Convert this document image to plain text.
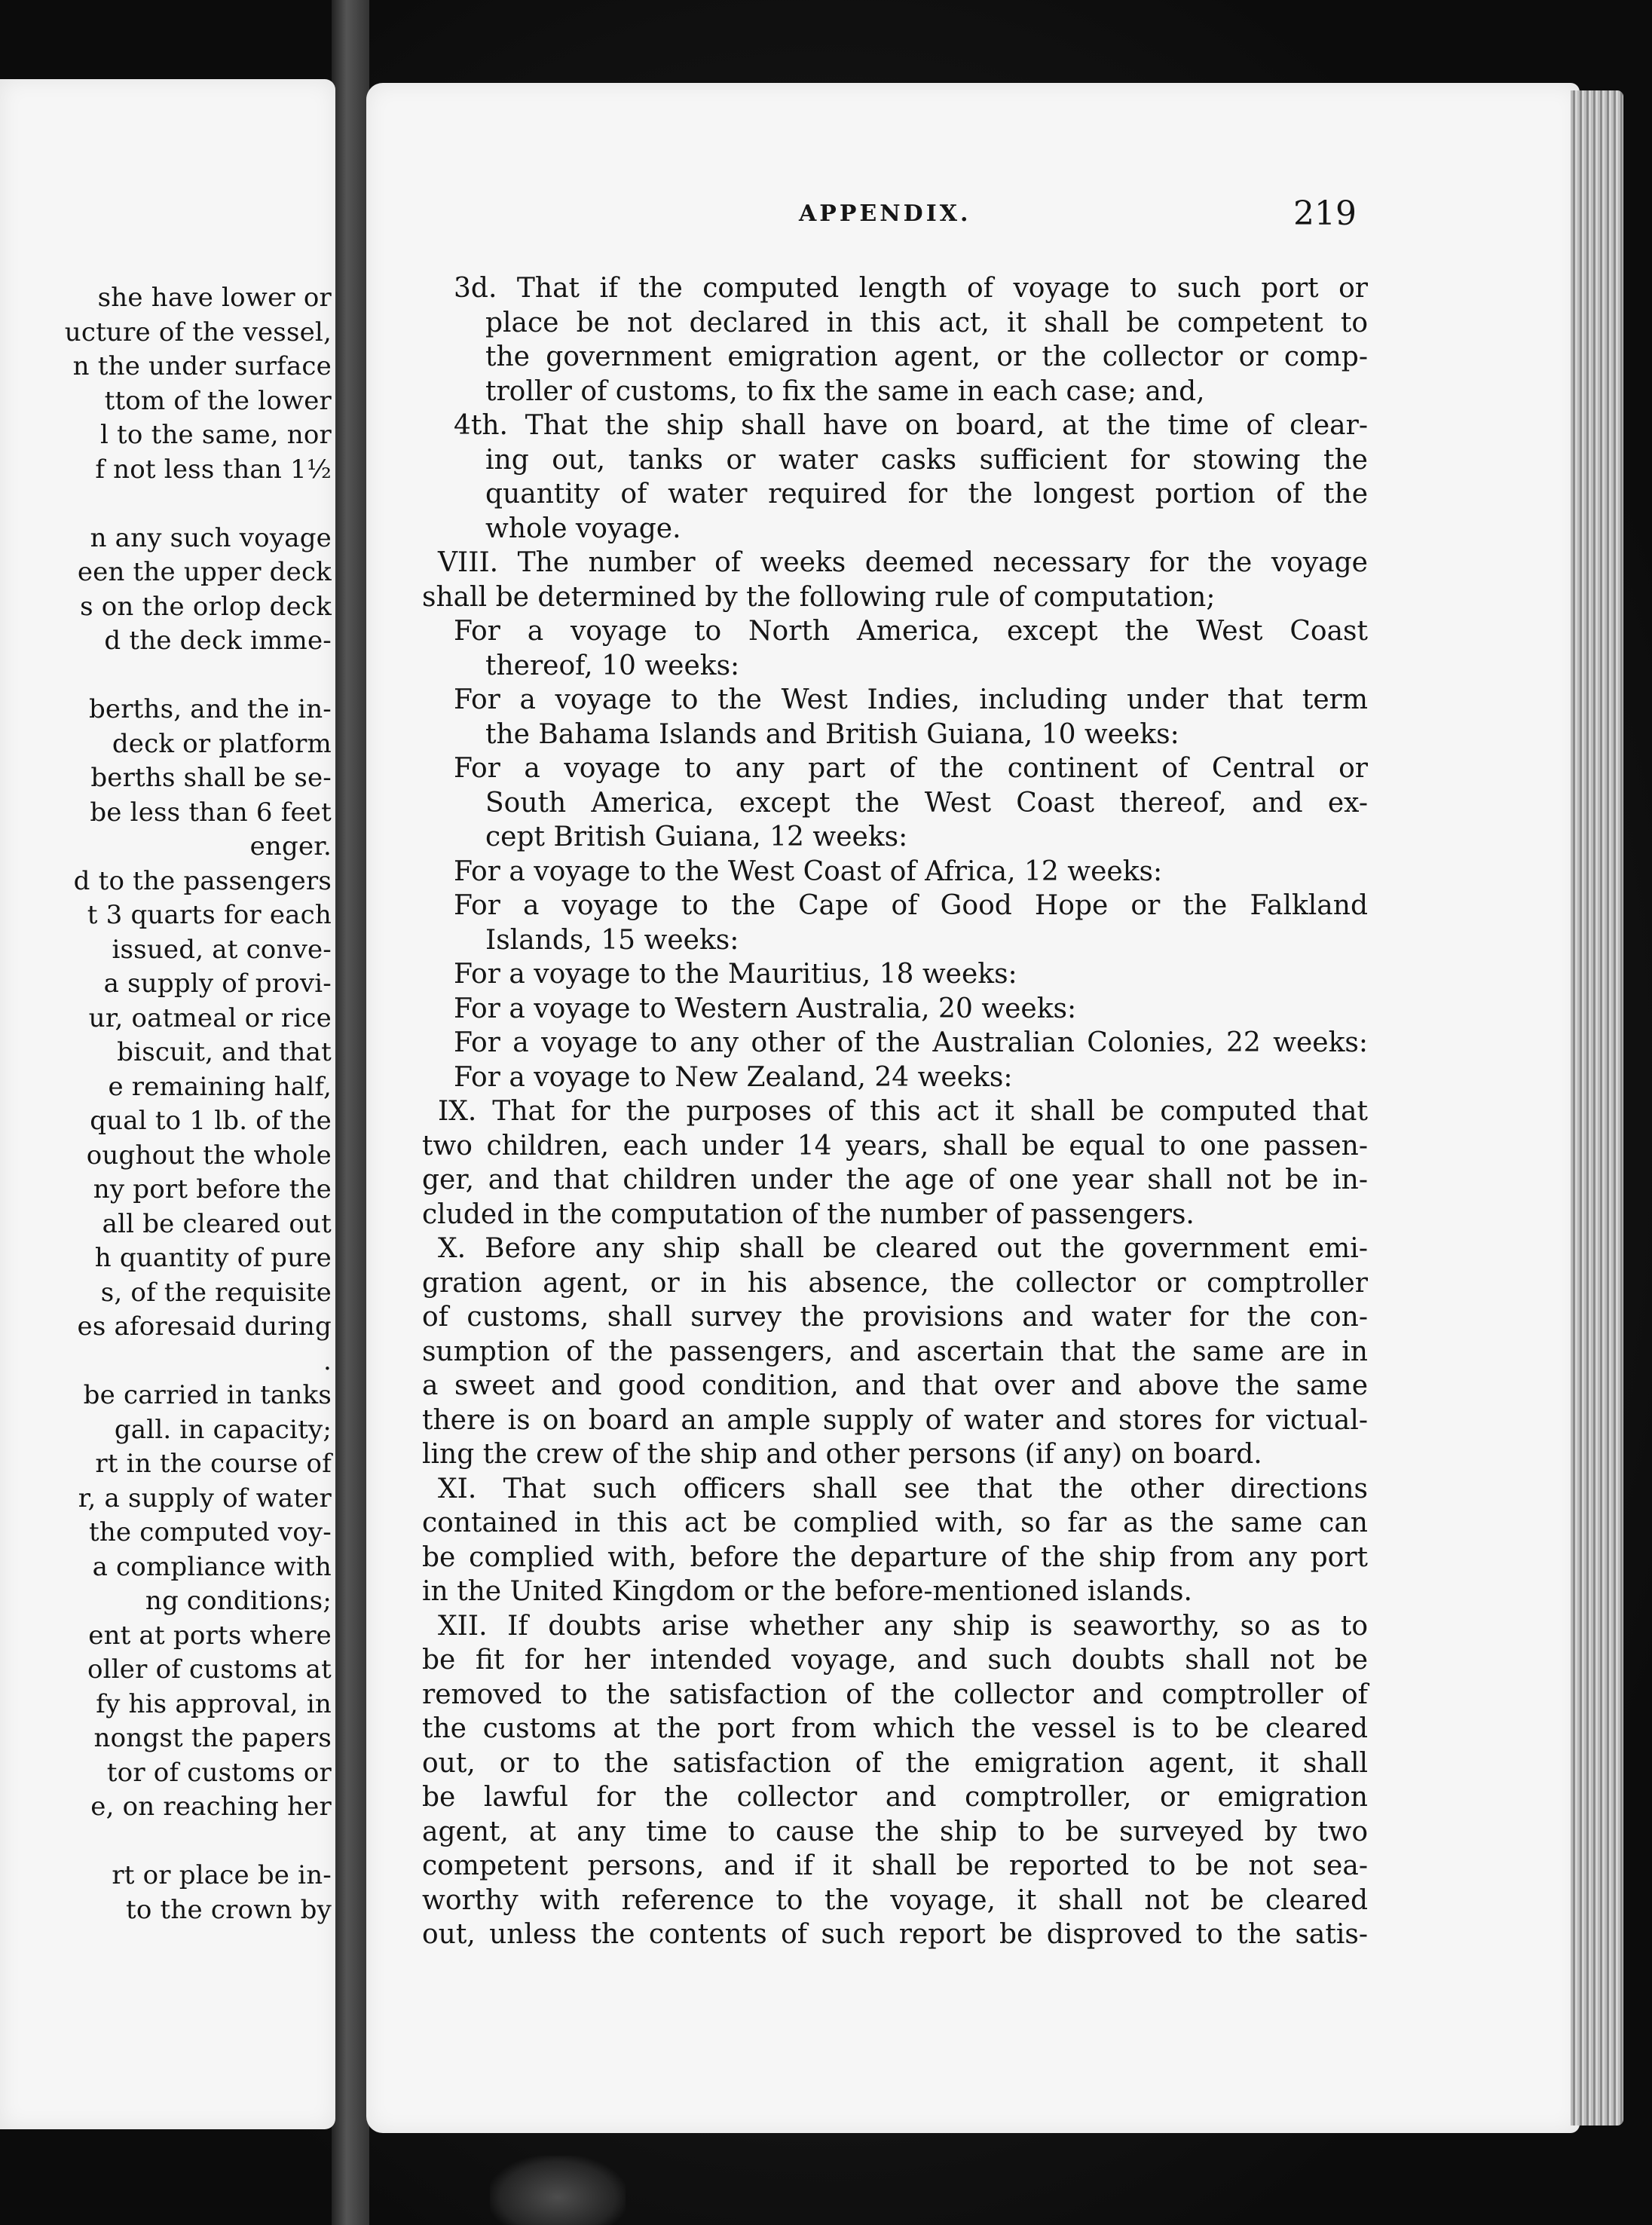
she have lower or
ucture of the vessel,
n the under surface
ttom of the lower
l to the same, nor
f not less than 1½
n any such voyage
een the upper deck
s on the orlop deck
d the deck imme-
berths, and the in-
deck or platform
berths shall be se-
be less than 6 feet
enger.
d to the passengers
t 3 quarts for each
issued, at conve-
a supply of provi-
ur, oatmeal or rice
biscuit, and that
e remaining half,
qual to 1 lb. of the
oughout the whole
ny port before the
all be cleared out
h quantity of pure
s, of the requisite
es aforesaid during
.
be carried in tanks
gall. in capacity;
rt in the course of
r, a supply of water
the computed voy-
a compliance with
ng conditions;
ent at ports where
oller of customs at
fy his approval, in
nongst the papers
tor of customs or
e, on reaching her
rt or place be in-
to the crown by
APPENDIX.	219
3d. That if the computed length of voyage to such port or
place be not declared in this act, it shall be competent to
the government emigration agent, or the collector or comp-
troller of customs, to fix the same in each case; and,
4th. That the ship shall have on board, at the time of clear-
ing out, tanks or water casks sufficient for stowing the
quantity of water required for the longest portion of the
whole voyage.
VIII. The number of weeks deemed necessary for the voyage
shall be determined by the following rule of computation;
For a voyage to North America, except the West Coast
thereof, 10 weeks:
For a voyage to the West Indies, including under that term
the Bahama Islands and British Guiana, 10 weeks:
For a voyage to any part of the continent of Central or
South America, except the West Coast thereof, and ex-
cept British Guiana, 12 weeks:
For a voyage to the West Coast of Africa, 12 weeks:
For a voyage to the Cape of Good Hope or the Falkland
Islands, 15 weeks:
For a voyage to the Mauritius, 18 weeks:
For a voyage to Western Australia, 20 weeks:
For a voyage to any other of the Australian Colonies, 22 weeks:
For a voyage to New Zealand, 24 weeks:
IX. That for the purposes of this act it shall be computed that
two children, each under 14 years, shall be equal to one passen-
ger, and that children under the age of one year shall not be in-
cluded in the computation of the number of passengers.
X. Before any ship shall be cleared out the government emi-
gration agent, or in his absence, the collector or comptroller
of customs, shall survey the provisions and water for the con-
sumption of the passengers, and ascertain that the same are in
a sweet and good condition, and that over and above the same
there is on board an ample supply of water and stores for victual-
ling the crew of the ship and other persons (if any) on board.
XI. That such officers shall see that the other directions
contained in this act be complied with, so far as the same can
be complied with, before the departure of the ship from any port
in the United Kingdom or the before-mentioned islands.
XII. If doubts arise whether any ship is seaworthy, so as to
be fit for her intended voyage, and such doubts shall not be
removed to the satisfaction of the collector and comptroller of
the customs at the port from which the vessel is to be cleared
out, or to the satisfaction of the emigration agent, it shall
be lawful for the collector and comptroller, or emigration
agent, at any time to cause the ship to be surveyed by two
competent persons, and if it shall be reported to be not sea-
worthy with reference to the voyage, it shall not be cleared
out, unless the contents of such report be disproved to the satis-
